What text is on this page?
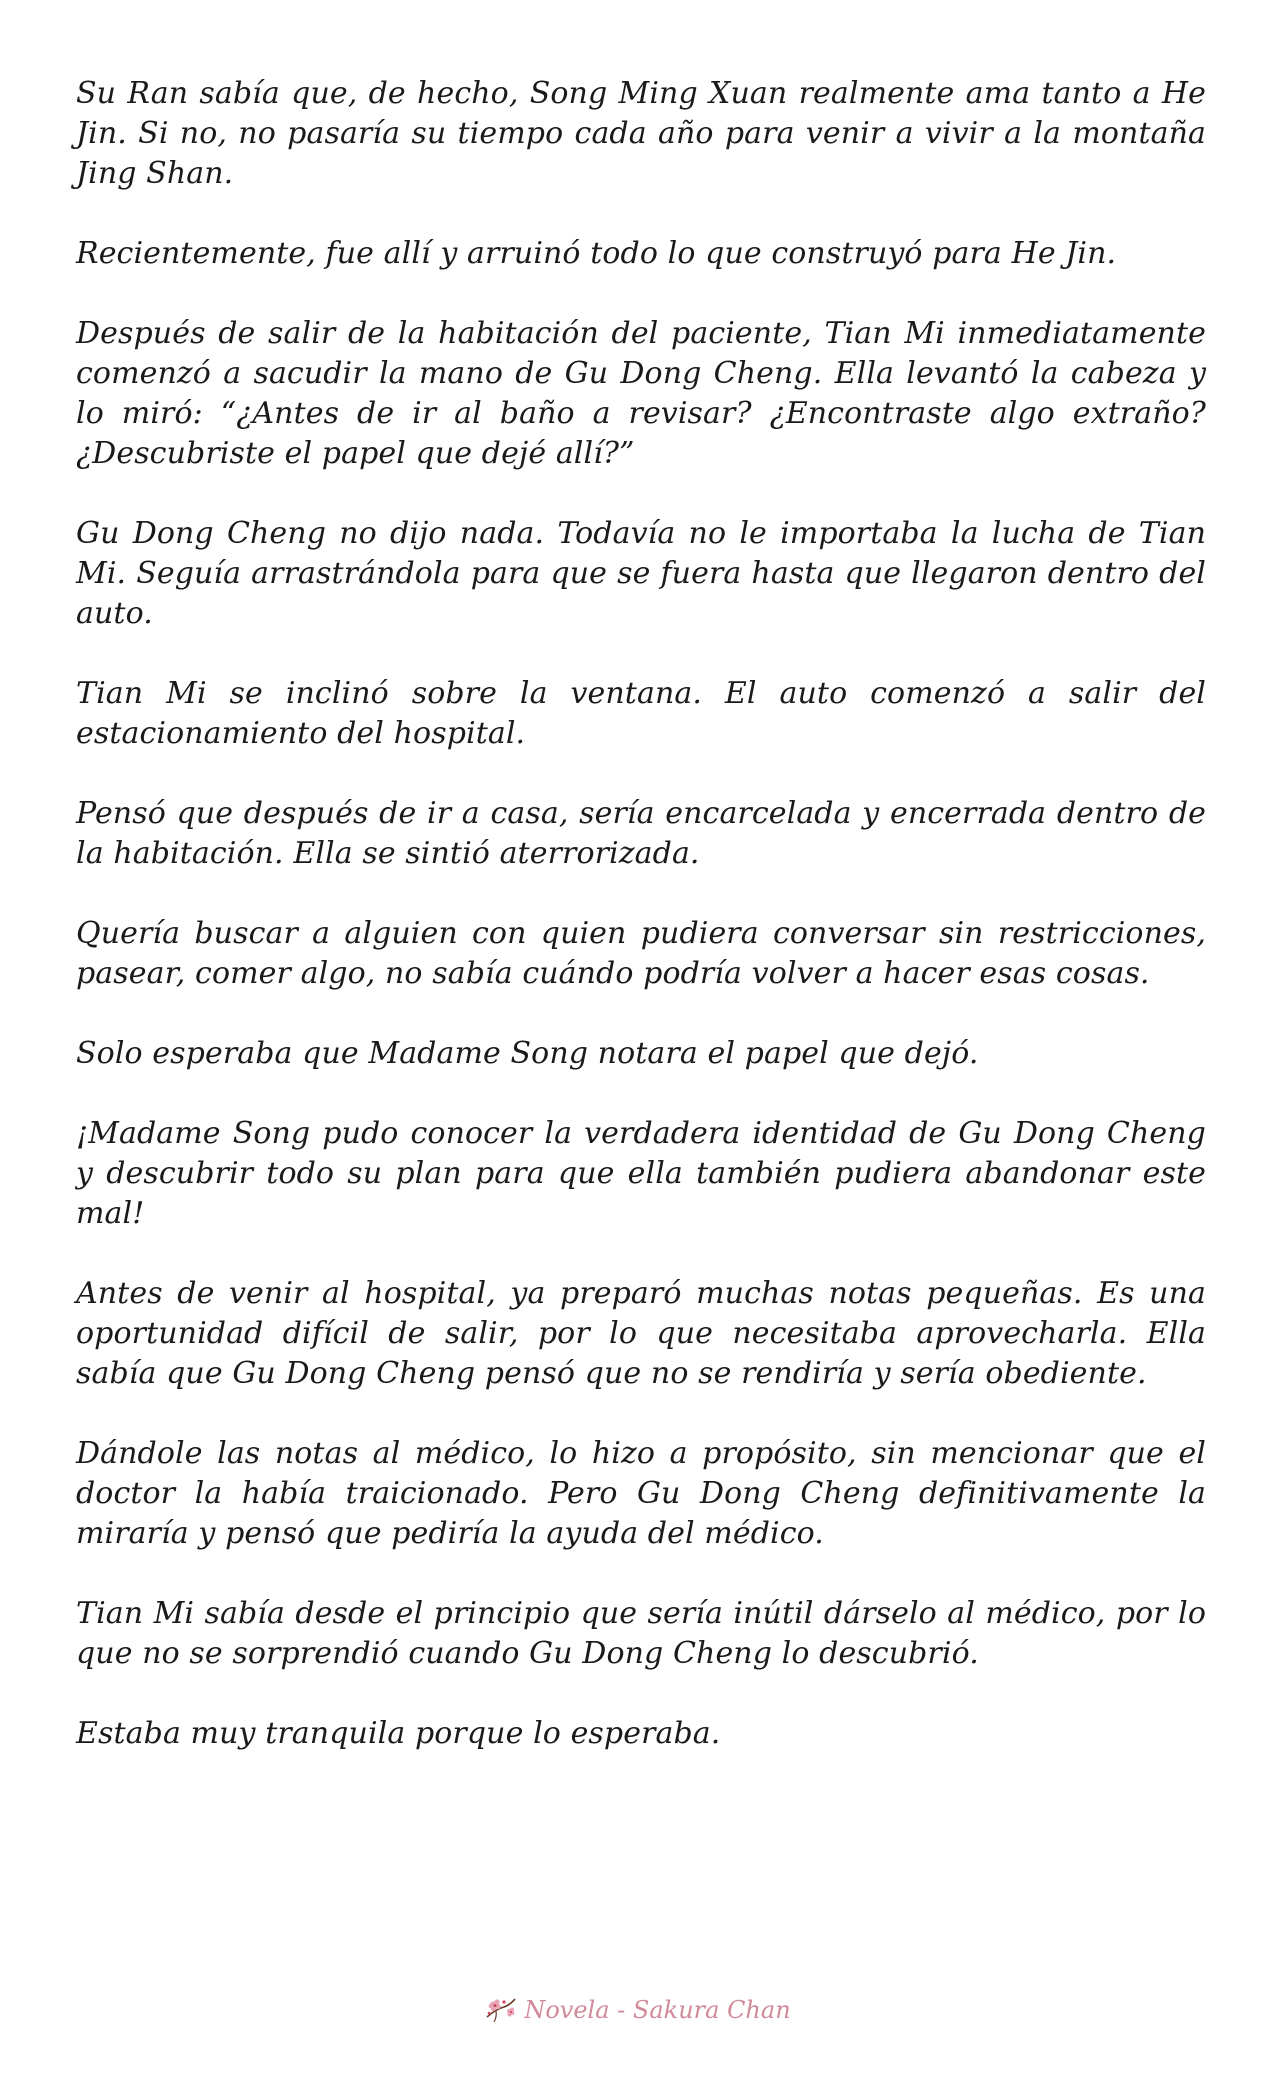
Su Ran sabía que, de hecho, Song Ming Xuan realmente ama tanto a He Jin. Si no, no pasaría su tiempo cada año para venir a vivir a la montaña Jing Shan.

Recientemente, fue allí y arruinó todo lo que construyó para He Jin.

Después de salir de la habitación del paciente, Tian Mi inmediatamente comenzó a sacudir la mano de Gu Dong Cheng. Ella levantó la cabeza y lo miró: “¿Antes de ir al baño a revisar? ¿Encontraste algo extraño? ¿Descubriste el papel que dejé allí?”

Gu Dong Cheng no dijo nada. Todavía no le importaba la lucha de Tian Mi. Seguía arrastrándola para que se fuera hasta que llegaron dentro del auto.

Tian Mi se inclinó sobre la ventana. El auto comenzó a salir del estacionamiento del hospital.

Pensó que después de ir a casa, sería encarcelada y encerrada dentro de la habitación. Ella se sintió aterrorizada.

Quería buscar a alguien con quien pudiera conversar sin restricciones, pasear, comer algo, no sabía cuándo podría volver a hacer esas cosas.

Solo esperaba que Madame Song notara el papel que dejó.

¡Madame Song pudo conocer la verdadera identidad de Gu Dong Cheng y descubrir todo su plan para que ella también pudiera abandonar este mal!

Antes de venir al hospital, ya preparó muchas notas pequeñas. Es una oportunidad difícil de salir, por lo que necesitaba aprovecharla. Ella sabía que Gu Dong Cheng pensó que no se rendiría y sería obediente.

Dándole las notas al médico, lo hizo a propósito, sin mencionar que el doctor la había traicionado. Pero Gu Dong Cheng definitivamente la miraría y pensó que pediría la ayuda del médico.

Tian Mi sabía desde el principio que sería inútil dárselo al médico, por lo que no se sorprendió cuando Gu Dong Cheng lo descubrió.

Estaba muy tranquila porque lo esperaba.

Novela - Sakura Chan
